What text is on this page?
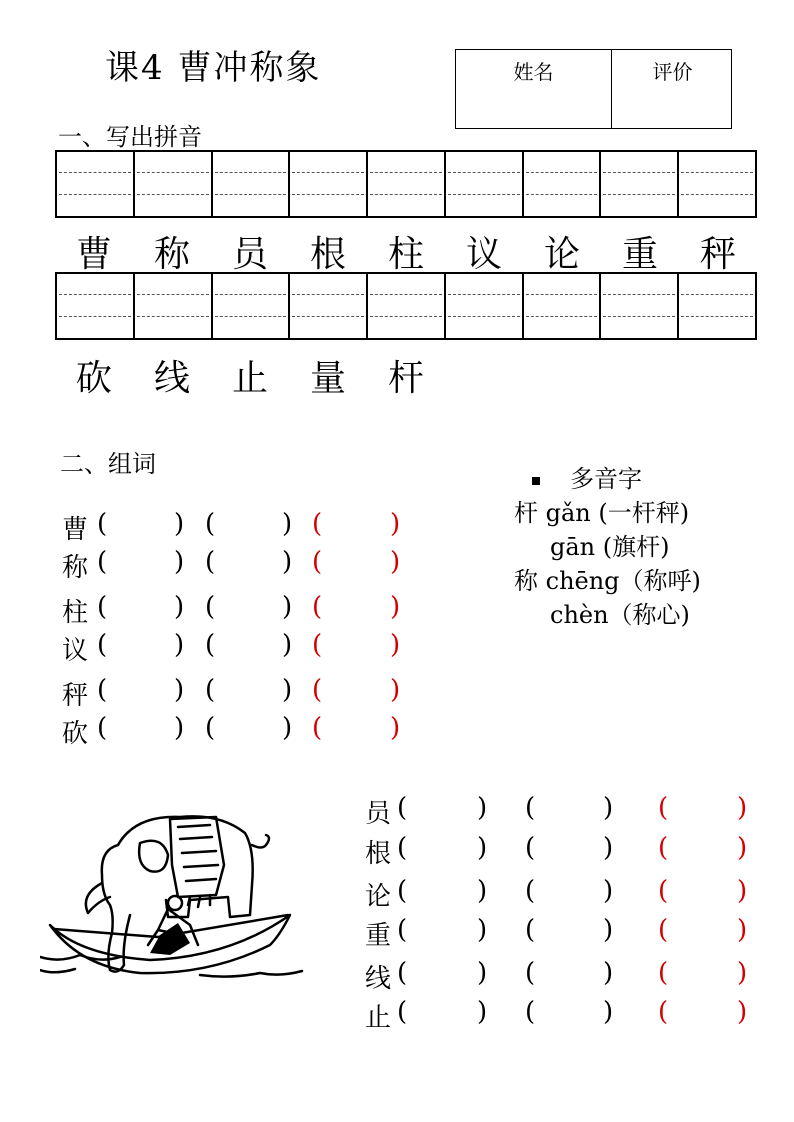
课4 曹冲称象	姓名	评价
一、写出拼音
曹	称	员	根	柱	议	论	重	秤
砍	线	止	量	杆
二、组词
曹 (	) (	) (	)
称 (	) (	) (	)
柱 (	) (	) (	)
议 (	) (	) (	)
秤 (	) (	) (	)
砍 (	) (	) (	)
多音字
杆 gǎn (一杆秤)
gān (旗杆)
称 chēng（称呼)
chèn（称心)
员 (	) (	) (	)
根 (	) (	) (	)
论 (	) (	) (	)
重 (	) (	) (	)
线 (	) (	) (	)
止 (	) (	) (	)
